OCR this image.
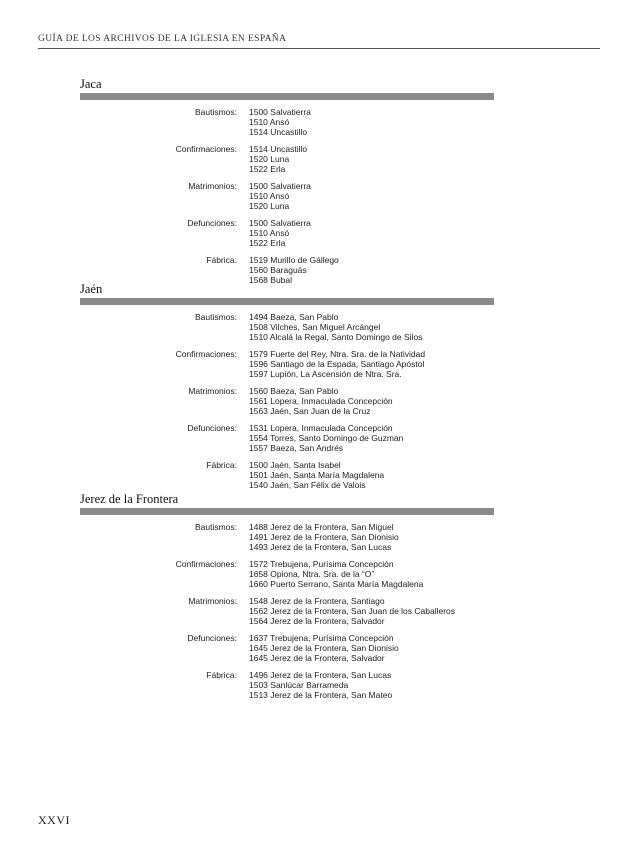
GUÍA DE LOS ARCHIVOS DE LA IGLESIA EN ESPAÑA
Jaca
Bautismos: 1500 Salvatierra
1510 Ansó
1514 Uncastillo
Confirmaciones: 1514 Uncastillo
1520 Luna
1522 Erla
Matrimonios: 1500 Salvatierra
1510 Ansó
1520 Luna
Defunciones: 1500 Salvatierra
1510 Ansó
1522 Erla
Fábrica: 1519 Murillo de Gállego
1560 Baraguás
1568 Bubal
Jaén
Bautismos: 1494 Baeza, San Pablo
1508 Vilches, San Miguel Arcángel
1510 Alcalá la Regal, Santo Domingo de Silos
Confirmaciones: 1579 Fuerte del Rey, Ntra. Sra. de la Natividad
1596 Santiago de la Espada, Santiago Apóstol
1597 Lupión, La Ascensión de Ntra. Sra.
Matrimonios: 1560 Baeza, San Pablo
1561 Lopera, Inmaculada Concepción
1563 Jaén, San Juan de la Cruz
Defunciones: 1531 Lopera, Inmaculada Concepción
1554 Torres, Santo Domingo de Guzman
1557 Baeza, San Andrés
Fábrica: 1500 Jaén, Santa Isabel
1501 Jaén, Santa María Magdalena
1540 Jaén, San Félix de Valois
Jerez de la Frontera
Bautismos: 1488 Jerez de la Frontera, San Miguel
1491 Jerez de la Frontera, San Dionisio
1493 Jerez de la Frontera, San Lucas
Confirmaciones: 1572 Trebujena, Purísima Concepción
1658 Opiona, Ntra. Sra. de la “O”
1660 Puerto Serrano, Santa María Magdalena
Matrimonios: 1548 Jerez de la Frontera, Santiago
1562 Jerez de la Frontera, San Juan de los Caballeros
1564 Jerez de la Frontera, Salvador
Defunciones: 1637 Trebujena, Purísima Concepción
1645 Jerez de la Frontera, San Dionisio
1645 Jerez de la Frontera, Salvador
Fábrica: 1496 Jerez de la Frontera, San Lucas
1503 Sanlúcar Barrameda
1513 Jerez de la Frontera, San Mateo
XXVI
